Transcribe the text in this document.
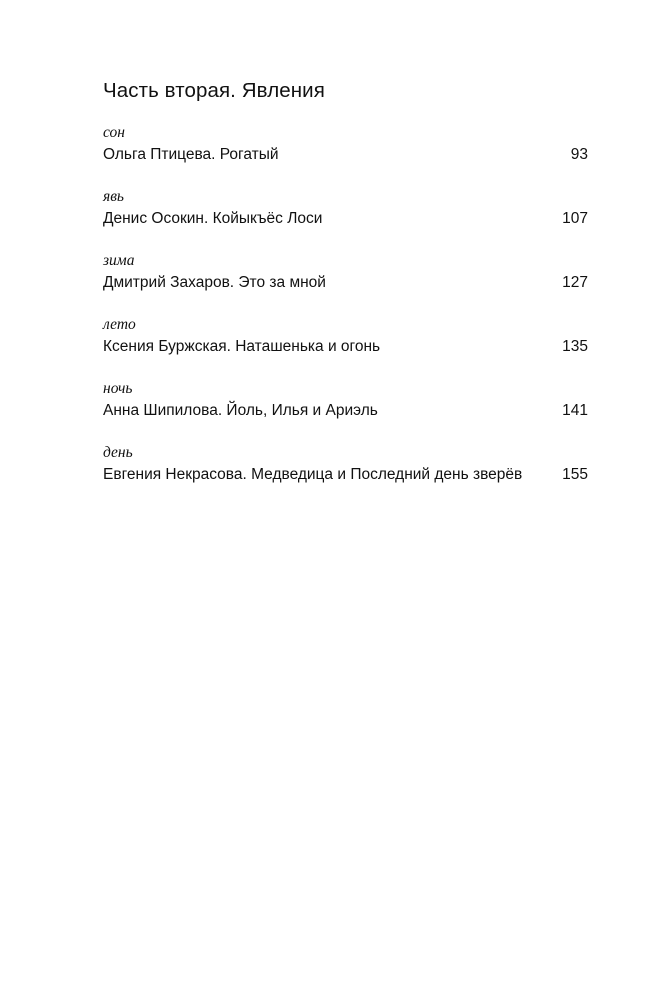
Часть вторая. Явления
сон
Ольга Птицева. Рогатый	93
явь
Денис Осокин. Койыкъёс Лоси	107
зима
Дмитрий Захаров. Это за мной	127
лето
Ксения Буржская. Наташенька и огонь	135
ночь
Анна Шипилова. Йоль, Илья и Ариэль	141
день
Евгения Некрасова. Медведица и Последний день зверёв	155
